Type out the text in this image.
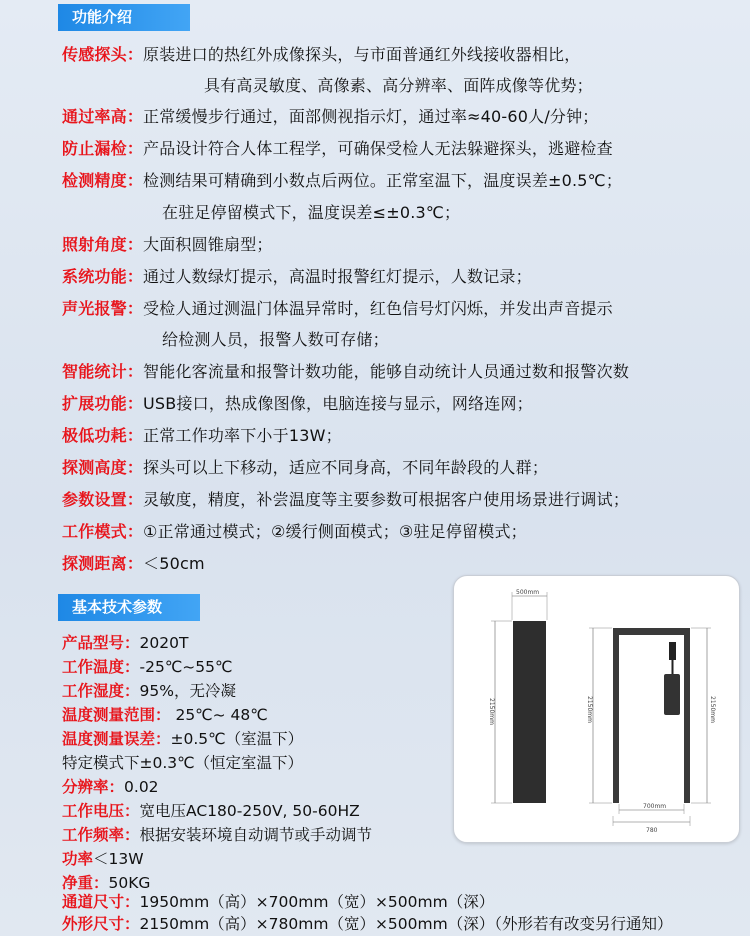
功能介绍
传感探头：原装进口的热红外成像探头，与市面普通红外线接收器相比，
具有高灵敏度、高像素、高分辨率、面阵成像等优势；
通过率高：正常缓慢步行通过，面部侧视指示灯，通过率≈40-60人/分钟；
防止漏检：产品设计符合人体工程学，可确保受检人无法躲避探头，逃避检查
检测精度：检测结果可精确到小数点后两位。正常室温下，温度误差±0.5℃；
在驻足停留模式下，温度误差≤±0.3℃；
照射角度：大面积圆锥扇型；
系统功能：通过人数绿灯提示，高温时报警红灯提示，人数记录；
声光报警：受检人通过测温门体温异常时，红色信号灯闪烁，并发出声音提示
给检测人员，报警人数可存储；
智能统计：智能化客流量和报警计数功能，能够自动统计人员通过数和报警次数
扩展功能：USB接口，热成像图像，电脑连接与显示，网络连网；
极低功耗：正常工作功率下小于13W；
探测高度：探头可以上下移动，适应不同身高，不同年龄段的人群；
参数设置：灵敏度，精度，补尝温度等主要参数可根据客户使用场景进行调试；
工作模式：①正常通过模式；②缓行侧面模式；③驻足停留模式；
探测距离：＜50cm
基本技术参数
产品型号：2020T
工作温度：-25℃~55℃
工作湿度：95%，无冷凝
温度测量范围： 25℃~ 48℃
温度测量误差：±0.5℃（室温下）
特定模式下±0.3℃（恒定室温下）
分辨率：0.02
工作电压：宽电压AC180-250V, 50-60HZ
工作频率：根据安装环境自动调节或手动调节
功率＜13W
净重：50KG
通道尺寸：1950mm（高）×700mm（宽）×500mm（深）
外形尺寸：2150mm（高）×780mm（宽）×500mm（深）（外形若有改变另行通知）
500mm
2150mm	2150mm	2150mm
700mm
780
